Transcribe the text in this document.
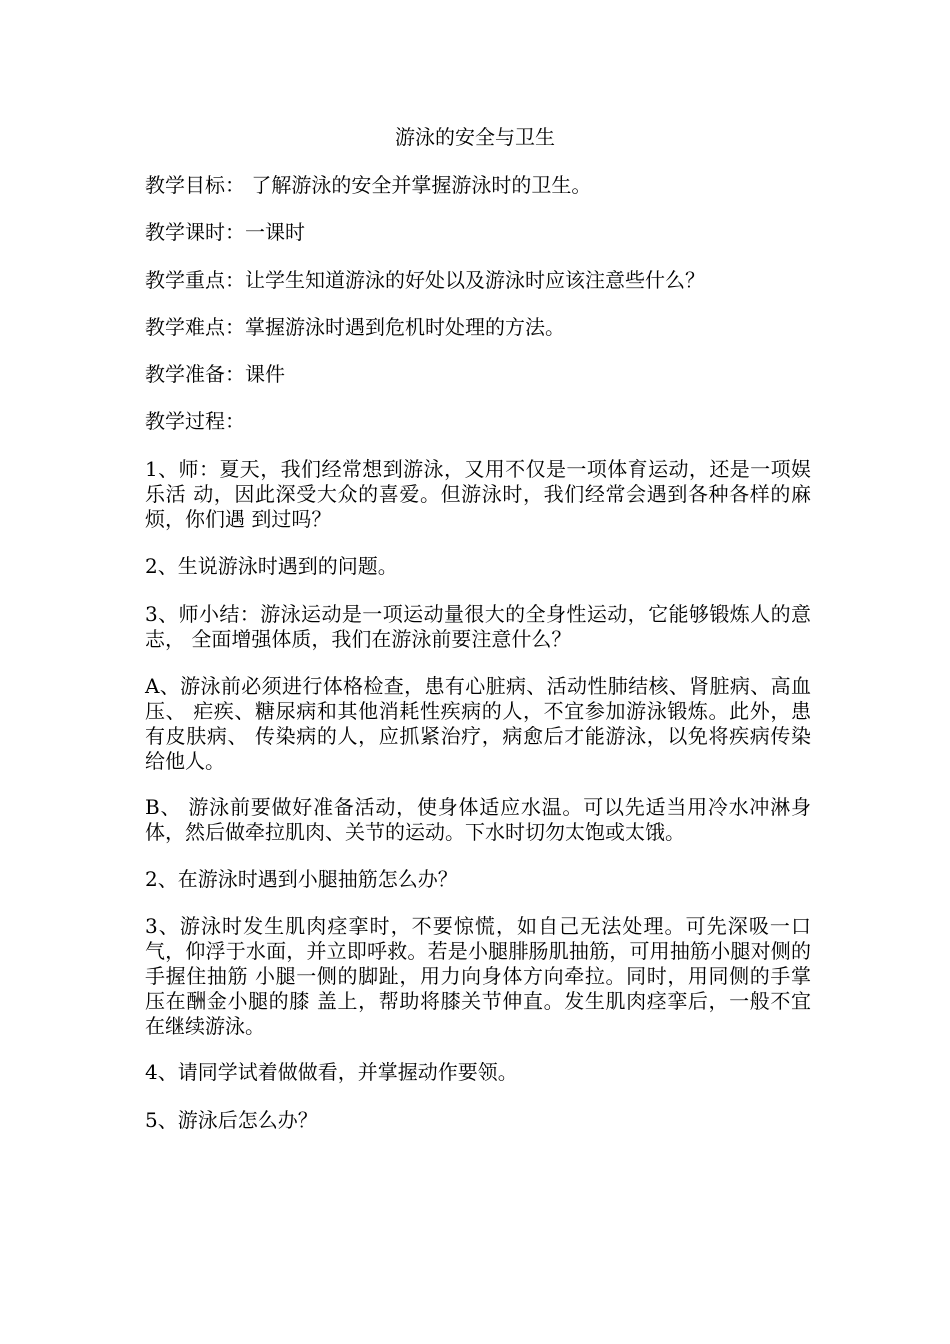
游泳的安全与卫生
教学目标： 了解游泳的安全并掌握游泳时的卫生。
教学课时：一课时
教学重点：让学生知道游泳的好处以及游泳时应该注意些什么？
教学难点：掌握游泳时遇到危机时处理的方法。
教学准备：课件
教学过程：
1、师：夏天，我们经常想到游泳，又用不仅是一项体育运动，还是一项娱乐活 动，因此深受大众的喜爱。但游泳时，我们经常会遇到各种各样的麻烦，你们遇 到过吗？
2、生说游泳时遇到的问题。
3、师小结：游泳运动是一项运动量很大的全身性运动，它能够锻炼人的意志， 全面增强体质，我们在游泳前要注意什么？
A、游泳前必须进行体格检查，患有心脏病、活动性肺结核、肾脏病、高血压、 疟疾、糖尿病和其他消耗性疾病的人，不宜参加游泳锻炼。此外，患有皮肤病、 传染病的人，应抓紧治疗，病愈后才能游泳，以免将疾病传染给他人。
B、 游泳前要做好准备活动，使身体适应水温。可以先适当用冷水冲淋身体，然后做牵拉肌肉、关节的运动。下水时切勿太饱或太饿。
2、在游泳时遇到小腿抽筋怎么办？
3、游泳时发生肌肉痉挛时，不要惊慌，如自己无法处理。可先深吸一口气，仰浮于水面，并立即呼救。若是小腿腓肠肌抽筋，可用抽筋小腿对侧的手握住抽筋 小腿一侧的脚趾，用力向身体方向牵拉。同时，用同侧的手掌压在酬金小腿的膝 盖上，帮助将膝关节伸直。发生肌肉痉挛后，一般不宜在继续游泳。
4、请同学试着做做看，并掌握动作要领。
5、游泳后怎么办？
